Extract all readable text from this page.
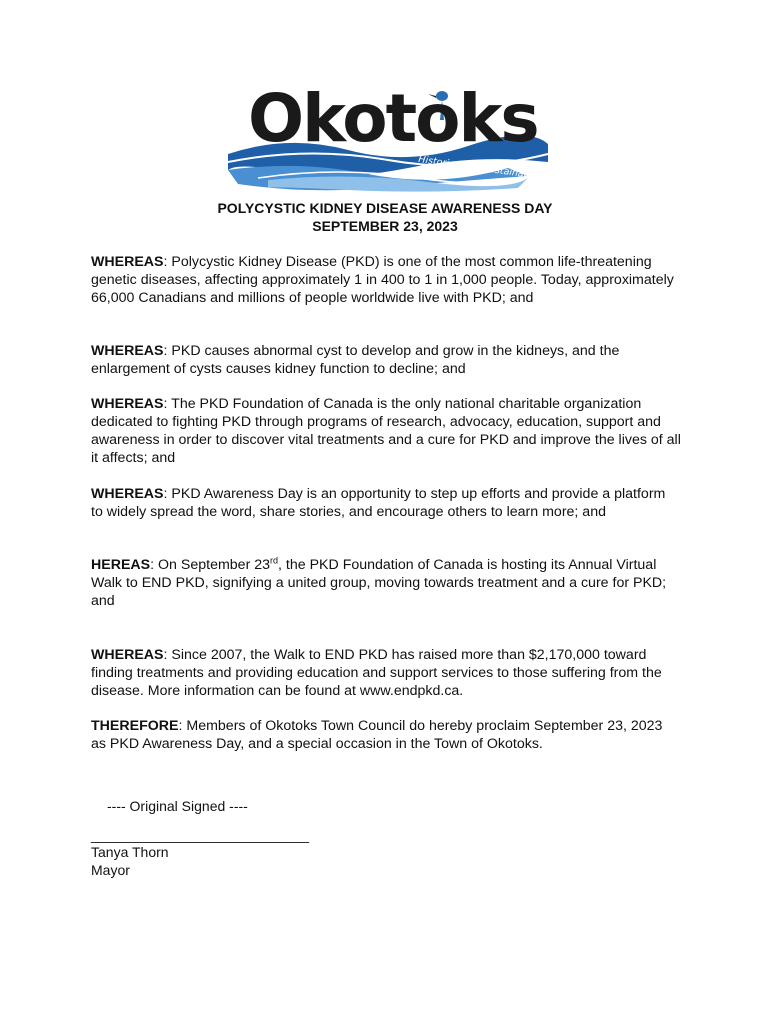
Okotoks
Historic Past, Sustainable Future
POLYCYSTIC KIDNEY DISEASE AWARENESS DAY
SEPTEMBER 23, 2023
WHEREAS: Polycystic Kidney Disease (PKD) is one of the most common life-threatening genetic diseases, affecting approximately 1 in 400 to 1 in 1,000 people. Today, approximately 66,000 Canadians and millions of people worldwide live with PKD; and
WHEREAS: PKD causes abnormal cyst to develop and grow in the kidneys, and the enlargement of cysts causes kidney function to decline; and
WHEREAS: The PKD Foundation of Canada is the only national charitable organization dedicated to fighting PKD through programs of research, advocacy, education, support and awareness in order to discover vital treatments and a cure for PKD and improve the lives of all it affects; and
WHEREAS: PKD Awareness Day is an opportunity to step up efforts and provide a platform to widely spread the word, share stories, and encourage others to learn more; and
HEREAS: On September 23rd, the PKD Foundation of Canada is hosting its Annual Virtual Walk to END PKD, signifying a united group, moving towards treatment and a cure for PKD; and
WHEREAS: Since 2007, the Walk to END PKD has raised more than $2,170,000 toward finding treatments and providing education and support services to those suffering from the disease. More information can be found at www.endpkd.ca.
THEREFORE: Members of Okotoks Town Council do hereby proclaim September 23, 2023 as PKD Awareness Day, and a special occasion in the Town of Okotoks.
---- Original Signed ----
____________________________
Tanya Thorn
Mayor
